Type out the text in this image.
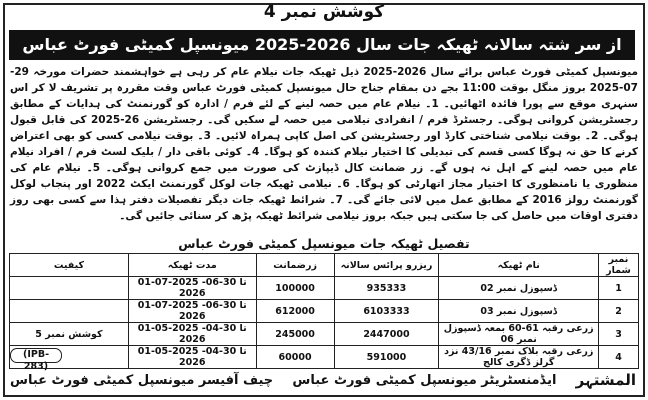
کوشش نمبر 4
از سر شتہ سالانہ ٹھیکہ جات سال 2026-2025 میونسپل کمیٹی فورٹ عباس
میونسپل کمیٹی فورٹ عباس برائے سال 2026-2025 ذیل ٹھیکہ جات نیلام عام کر رہی ہے خواہشمند حضرات مورخہ 29-07-2025 بروز منگل بوقت 11:00 بجے دن بمقام جناح حال میونسپل کمیٹی فورٹ عباس وقت مقررہ پر تشریف لا کر اس سنہری موقع سے پورا فائدہ اٹھائیں۔ 1۔ نیلام عام میں حصہ لینے کے لئے فرم / ادارہ کو گورنمنٹ کی ہدایات کے مطابق رجسٹریشن کروانی ہوگی۔ رجسٹرڈ فرم / انفرادی نیلامی میں حصہ لے سکیں گی۔ رجسٹریشن 26-2025 کی قابل قبول ہوگی۔ 2۔ بوقت نیلامی شناختی کارڈ اور رجسٹریشن کی اصل کاپی ہمراہ لائیں۔ 3۔ بوقت نیلامی کسی کو بھی اعتراض کرنے کا حق نہ ہوگا کسی قسم کی تبدیلی کا اختیار نیلام کنندہ کو ہوگا۔ 4۔ کوئی باقی دار / بلیک لسٹ فرم / افراد نیلام عام میں حصہ لینے کے اہل نہ ہوں گے۔ زر ضمانت کال ڈیپازٹ کی صورت میں جمع کروانی ہوگی۔ 5۔ نیلام عام کی منظوری یا نامنظوری کا اختیار مجاز اتھارٹی کو ہوگا۔ 6۔ نیلامی ٹھیکہ جات لوکل گورنمنٹ ایکٹ 2022 اور پنجاب لوکل گورنمنٹ رولز 2016 کے مطابق عمل میں لائی جائے گی۔ 7۔ شرائط ٹھیکہ جات دیگر تفصیلات دفتر ہذا سے کسی بھی روز دفتری اوقات میں حاصل کی جا سکتی ہیں جبکہ بروز نیلامی شرائط ٹھیکہ پڑھ کر سنائی جائیں گی۔
تفصیل ٹھیکہ جات میونسپل کمیٹی فورٹ عباس
نمبر شمار	نام ٹھیکہ	ریزرو پرائس سالانہ	زرضمانت	مدت ٹھیکہ	کیفیت
1	ڈسپوزل نمبر 02	935333	100000	01-07-2025 تا 30-06-2026	
2	ڈسپوزل نمبر 03	6103333	612000	01-07-2025 تا 30-06-2026	
3	زرعی رقبہ 61-60 بمعہ ڈسپوزل نمبر 06	2447000	245000	01-05-2025 تا 30-04-2026	کوشش نمبر 5
4	زرعی رقبہ بلاک نمبر 43/16 نزد گرلز ڈگری کالج	591000	60000	01-05-2025 تا 30-04-2026	
(IPB-283)
المشتہر
ایڈمنسٹریٹر میونسپل کمیٹی فورٹ عباس
چیف آفیسر میونسپل کمیٹی فورٹ عباس
